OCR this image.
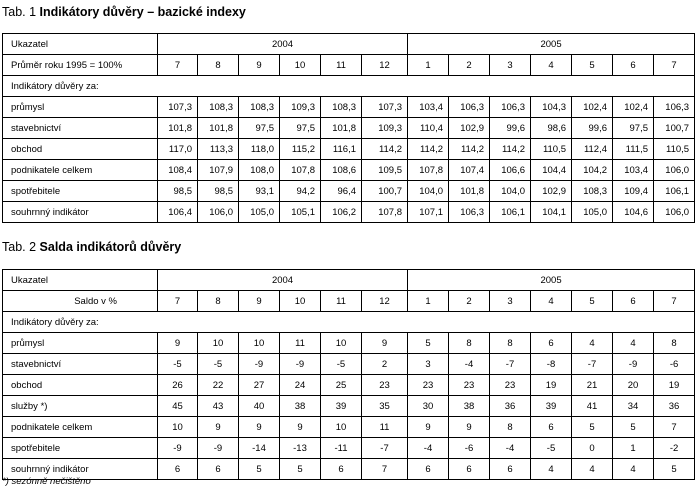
Tab. 1 Indikátory důvěry – bazické indexy
Ukazatel	2004						2005						
Průměr roku 1995 = 100%	7	8	9	10	11	12	1	2	3	4	5	6	7
Indikátory důvěry za:													
průmysl	107,3	108,3	108,3	109,3	108,3	107,3	103,4	106,3	106,3	104,3	102,4	102,4	106,3
stavebnictví	101,8	101,8	97,5	97,5	101,8	109,3	110,4	102,9	99,6	98,6	99,6	97,5	100,7
obchod	117,0	113,3	118,0	115,2	116,1	114,2	114,2	114,2	114,2	110,5	112,4	111,5	110,5
podnikatele celkem	108,4	107,9	108,0	107,8	108,6	109,5	107,8	107,4	106,6	104,4	104,2	103,4	106,0
spotřebitele	98,5	98,5	93,1	94,2	96,4	100,7	104,0	101,8	104,0	102,9	108,3	109,4	106,1
souhrnný indikátor	106,4	106,0	105,0	105,1	106,2	107,8	107,1	106,3	106,1	104,1	105,0	104,6	106,0
Tab. 2 Salda indikátorů důvěry
Ukazatel	2004						2005						
Saldo v %	7	8	9	10	11	12	1	2	3	4	5	6	7
Indikátory důvěry za:													
průmysl	9	10	10	11	10	9	5	8	8	6	4	4	8
stavebnictví	-5	-5	-9	-9	-5	2	3	-4	-7	-8	-7	-9	-6
obchod	26	22	27	24	25	23	23	23	23	19	21	20	19
služby *)	45	43	40	38	39	35	30	38	36	39	41	34	36
podnikatele celkem	10	9	9	9	10	11	9	9	8	6	5	5	7
spotřebitele	-9	-9	-14	-13	-11	-7	-4	-6	-4	-5	0	1	-2
souhrnný indikátor	6	6	5	5	6	7	6	6	6	4	4	4	5
*) sezónně nečištěno
